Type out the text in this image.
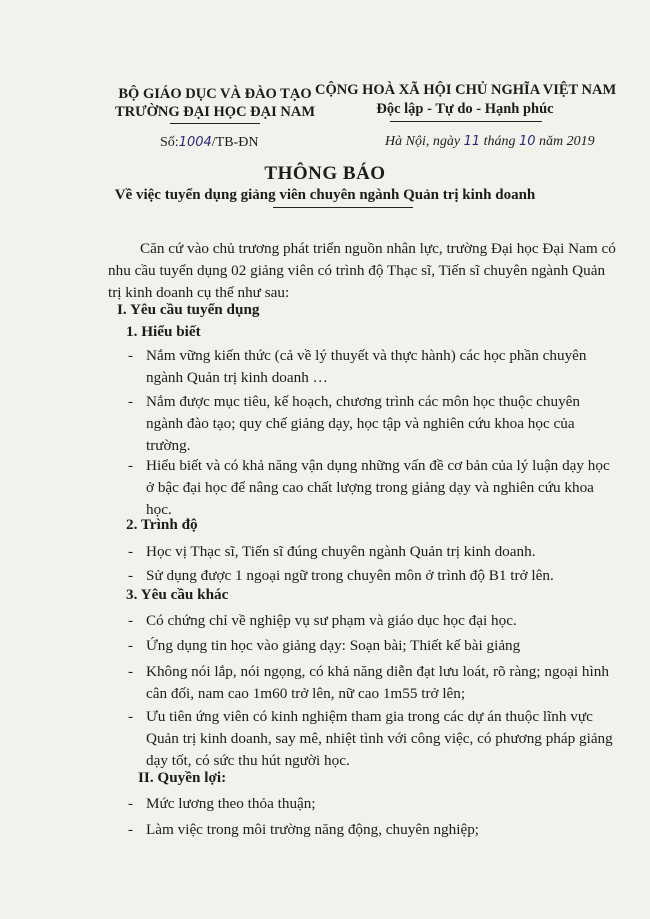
BỘ GIÁO DỤC VÀ ĐÀO TẠO
TRƯỜNG ĐẠI HỌC ĐẠI NAM
CỘNG HOÀ XÃ HỘI CHỦ NGHĨA VIỆT NAM
Độc lập - Tự do - Hạnh phúc
Số:1004/TB-ĐN	Hà Nội, ngày 11 tháng 10 năm 2019
THÔNG BÁO
Về việc tuyển dụng giảng viên chuyên ngành Quản trị kinh doanh
Căn cứ vào chủ trương phát triển nguồn nhân lực, trường Đại học Đại Nam có
nhu cầu tuyển dụng 02 giảng viên có trình độ Thạc sĩ, Tiến sĩ chuyên ngành Quản
trị kinh doanh cụ thể như sau:
I. Yêu cầu tuyển dụng
1. Hiểu biết
- Nắm vững kiến thức (cả về lý thuyết và thực hành) các học phần chuyên
ngành Quản trị kinh doanh …
- Nắm được mục tiêu, kế hoạch, chương trình các môn học thuộc chuyên
ngành đào tạo; quy chế giảng dạy, học tập và nghiên cứu khoa học của
trường.
- Hiểu biết và có khả năng vận dụng những vấn đề cơ bản của lý luận dạy học
ở bậc đại học để nâng cao chất lượng trong giảng dạy và nghiên cứu khoa
học.
2. Trình độ
- Học vị Thạc sĩ, Tiến sĩ đúng chuyên ngành Quản trị kinh doanh.
- Sử dụng được 1 ngoại ngữ trong chuyên môn ở trình độ B1 trở lên.
3. Yêu cầu khác
- Có chứng chỉ về nghiệp vụ sư phạm và giáo dục học đại học.
- Ứng dụng tin học vào giảng dạy: Soạn bài; Thiết kế bài giảng
- Không nói lắp, nói ngọng, có khả năng diễn đạt lưu loát, rõ ràng; ngoại hình
cân đối, nam cao 1m60 trở lên, nữ cao 1m55 trở lên;
- Ưu tiên ứng viên có kinh nghiệm tham gia trong các dự án thuộc lĩnh vực
Quản trị kinh doanh, say mê, nhiệt tình với công việc, có phương pháp giảng
dạy tốt, có sức thu hút người học.
II. Quyền lợi:
- Mức lương theo thỏa thuận;
- Làm việc trong môi trường năng động, chuyên nghiệp;
